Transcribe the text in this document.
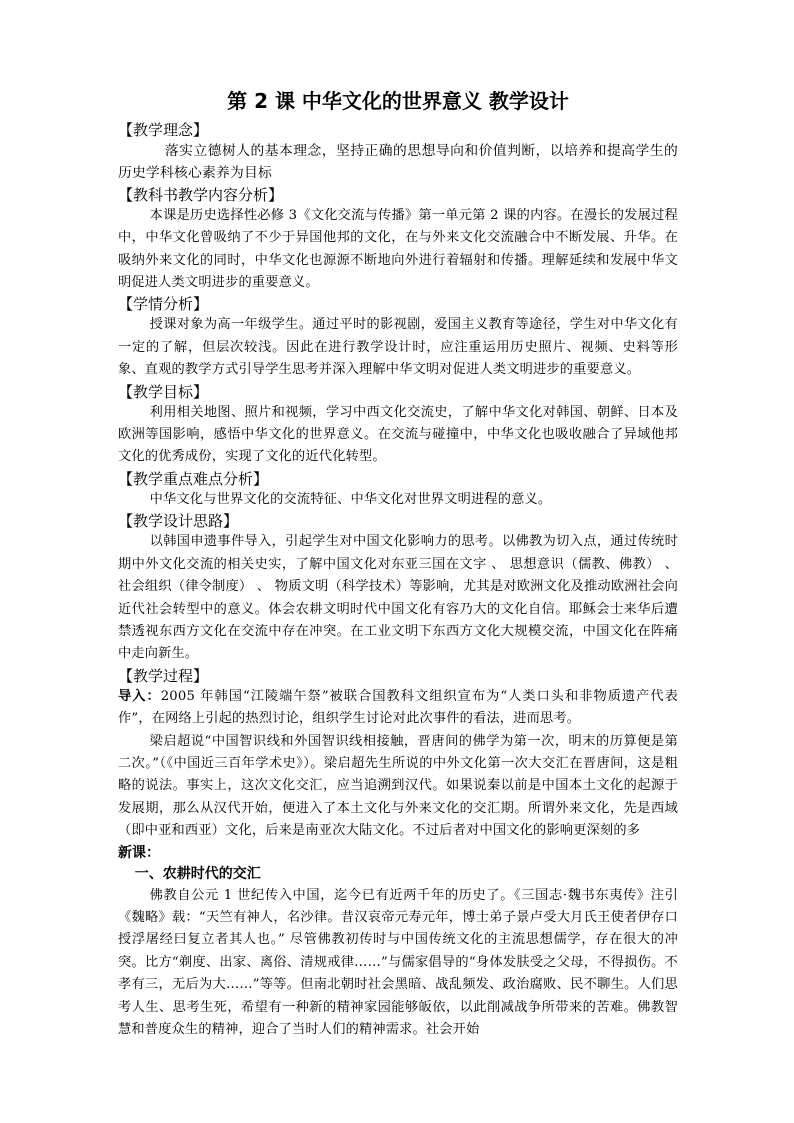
第 2 课 中华文化的世界意义 教学设计

【教学理念】

落实立德树人的基本理念，坚持正确的思想导向和价值判断，以培养和提高学生的历史学科核心素养为目标

【教科书教学内容分析】

本课是历史选择性必修 3《文化交流与传播》第一单元第 2 课的内容。在漫长的发展过程中，中华文化曾吸纳了不少于异国他邦的文化，在与外来文化交流融合中不断发展、升华。在吸纳外来文化的同时，中华文化也源源不断地向外进行着辐射和传播。理解延续和发展中华文明促进人类文明进步的重要意义。

【学情分析】

授课对象为高一年级学生。通过平时的影视剧，爱国主义教育等途径，学生对中华文化有一定的了解，但层次较浅。因此在进行教学设计时，应注重运用历史照片、视频、史料等形象、直观的教学方式引导学生思考并深入理解中华文明对促进人类文明进步的重要意义。

【教学目标】

利用相关地图、照片和视频，学习中西文化交流史，了解中华文化对韩国、朝鲜、日本及欧洲等国影响，感悟中华文化的世界意义。在交流与碰撞中，中华文化也吸收融合了异域他邦文化的优秀成份，实现了文化的近代化转型。

【教学重点难点分析】

中华文化与世界文化的交流特征、中华文化对世界文明进程的意义。

【教学设计思路】

以韩国申遗事件导入，引起学生对中国文化影响力的思考。以佛教为切入点，通过传统时期中外文化交流的相关史实，了解中国文化对东亚三国在文字 、 思想意识（儒教、佛教） 、 社会组织（律令制度） 、 物质文明（科学技术）等影响，尤其是对欧洲文化及推动欧洲社会向近代社会转型中的意义。体会农耕文明时代中国文化有容乃大的文化自信。耶稣会士来华后遭禁透视东西方文化在交流中存在冲突。在工业文明下东西方文化大规模交流，中国文化在阵痛中走向新生。

【教学过程】

导入：2005 年韩国“江陵端午祭”被联合国教科文组织宣布为“人类口头和非物质遗产代表作”，在网络上引起的热烈讨论，组织学生讨论对此次事件的看法，进而思考。

梁启超说“中国智识线和外国智识线相接触，晋唐间的佛学为第一次，明末的历算便是第二次。”（《中国近三百年学术史》）。梁启超先生所说的中外文化第一次大交汇在晋唐间，这是粗略的说法。事实上，这次文化交汇，应当追溯到汉代。如果说秦以前是中国本土文化的起源于发展期，那么从汉代开始，便进入了本土文化与外来文化的交汇期。所谓外来文化，先是西域（即中亚和西亚）文化，后来是南亚次大陆文化。不过后者对中国文化的影响更深刻的多

新课：

一、农耕时代的交汇

佛教自公元 1 世纪传入中国，迄今已有近两千年的历史了。《三国志·魏书东夷传》注引《魏略》载：“天竺有神人，名沙律。昔汉哀帝元寿元年，博士弟子景卢受大月氏王使者伊存口授浮屠经曰复立者其人也。” 尽管佛教初传时与中国传统文化的主流思想儒学，存在很大的冲突。比方“剃度、出家、离俗、清规戒律……”与儒家倡导的“身体发肤受之父母，不得损伤。不孝有三，无后为大……”等等。但南北朝时社会黑暗、战乱频发、政治腐败、民不聊生。人们思考人生、思考生死，希望有一种新的精神家园能够皈依，以此削减战争所带来的苦难。佛教智慧和普度众生的精神，迎合了当时人们的精神需求。社会开始
